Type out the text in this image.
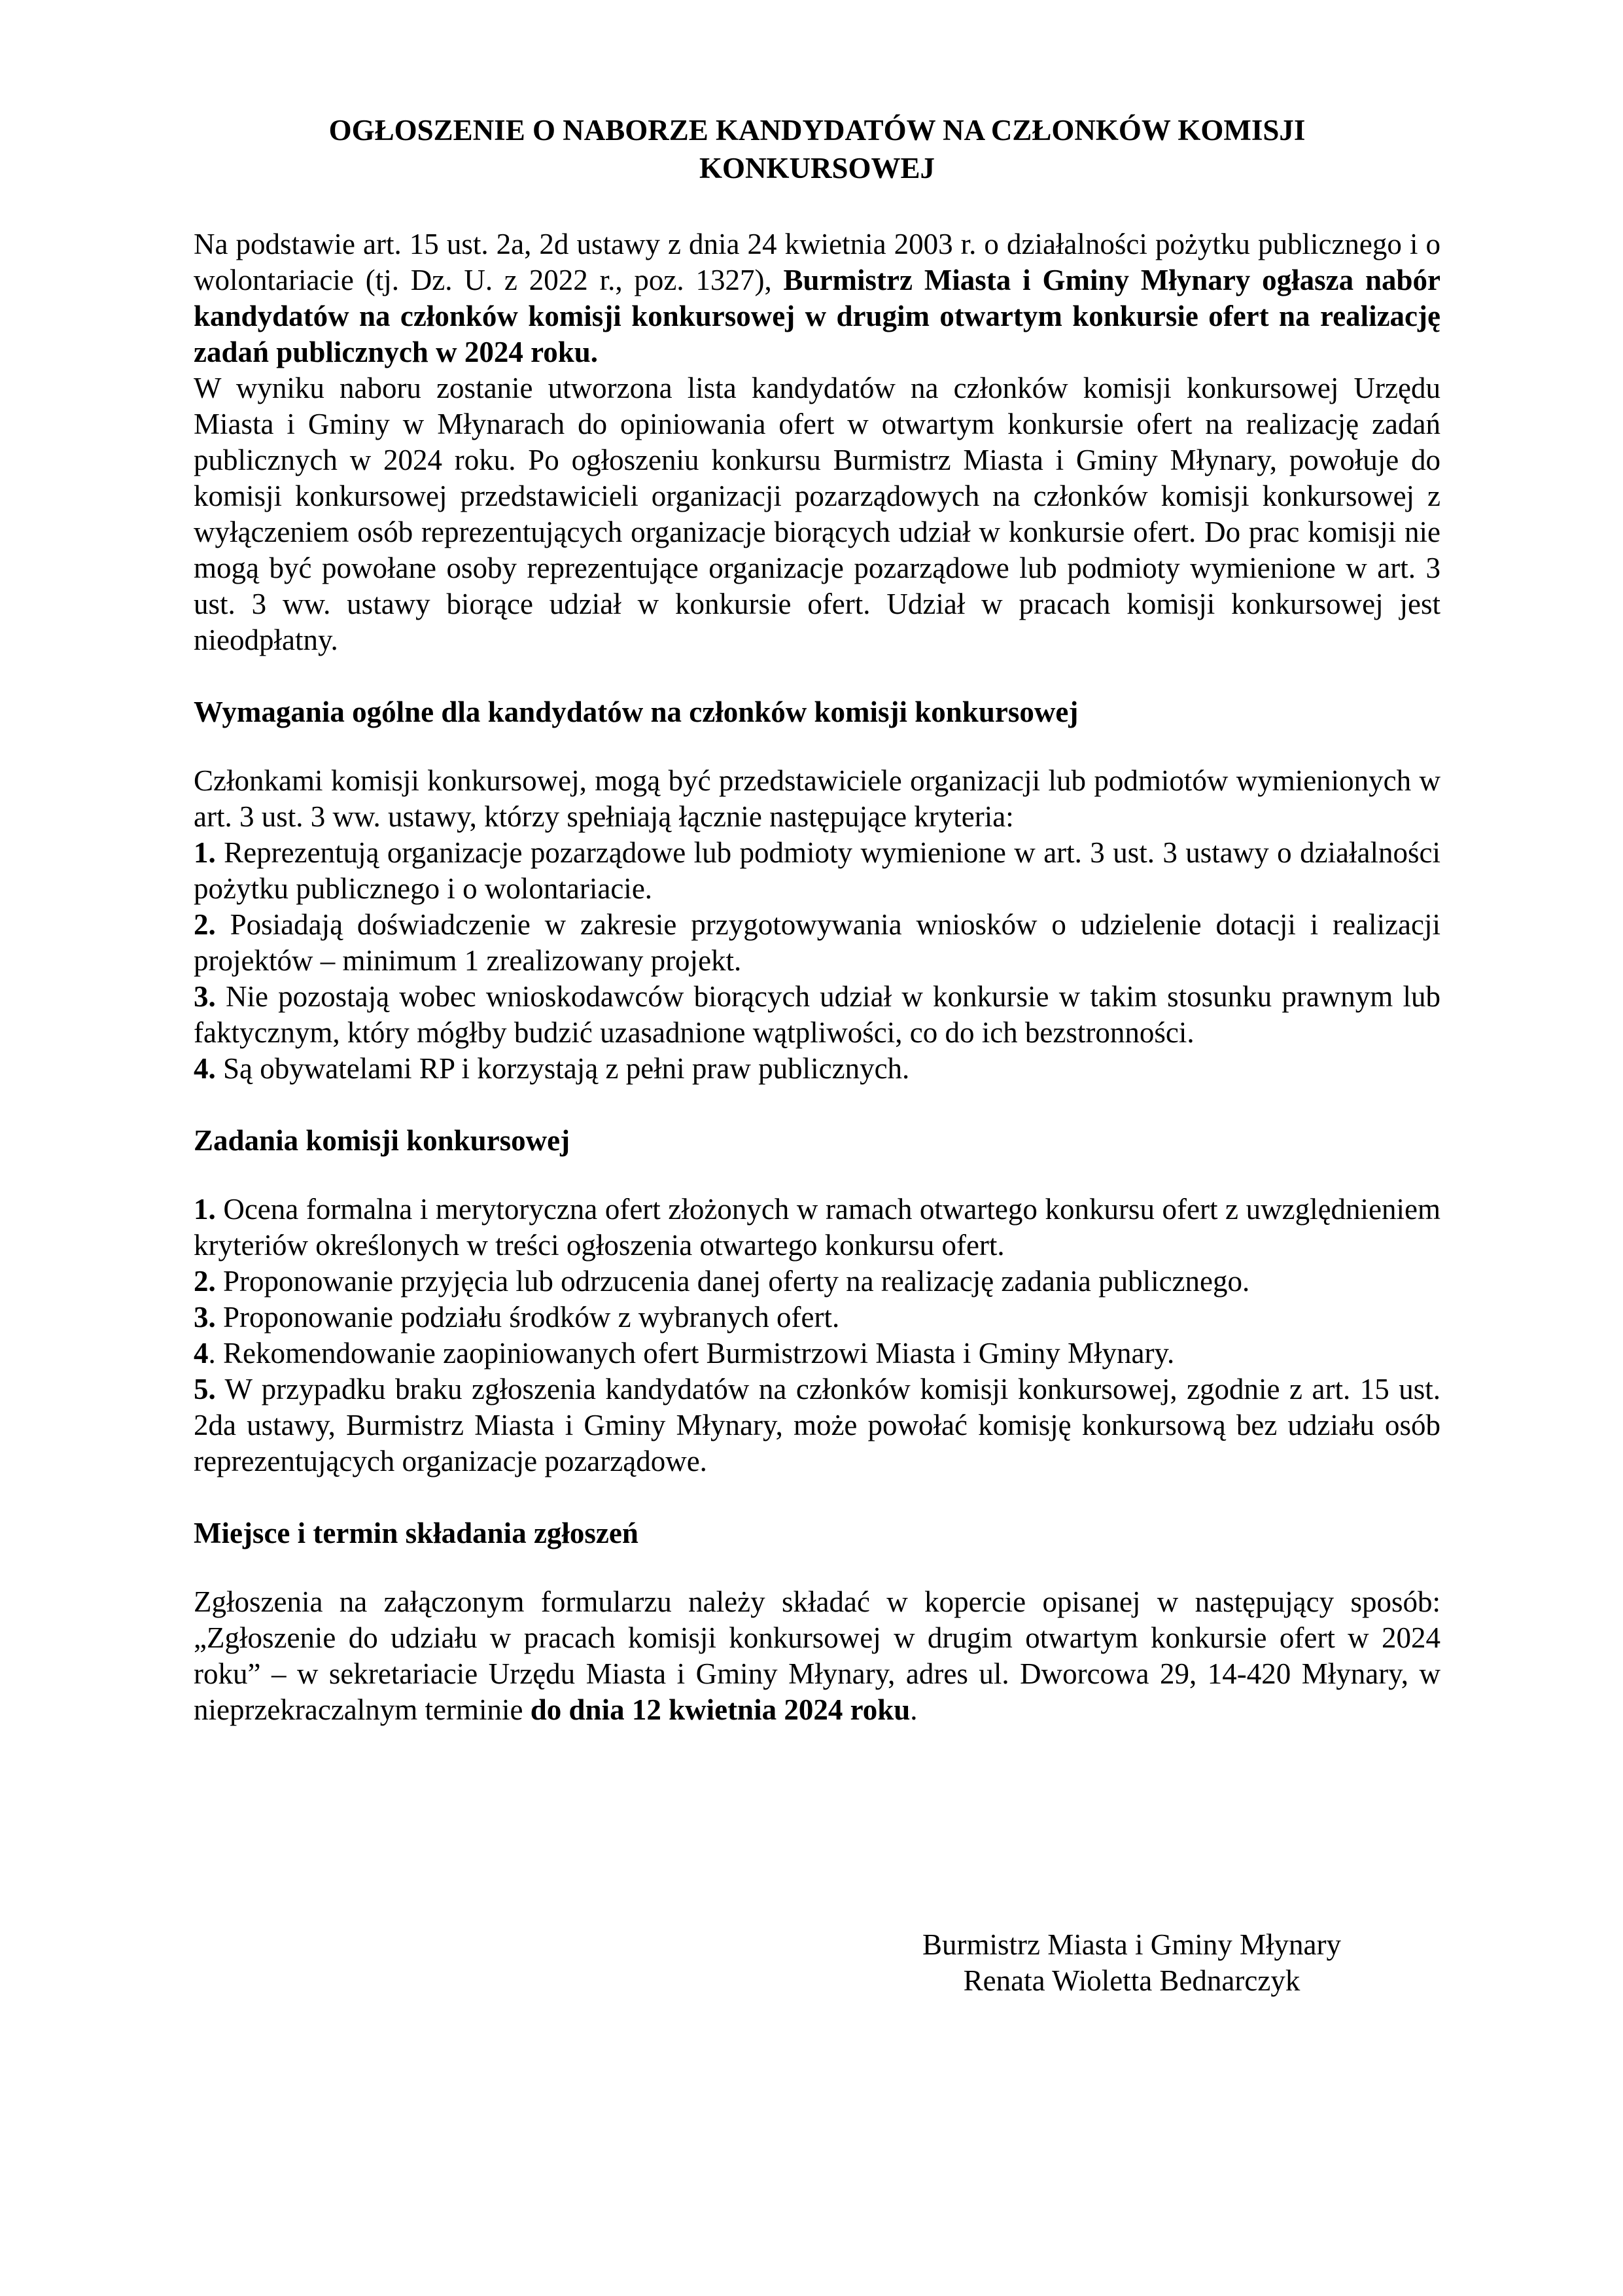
OGŁOSZENIE O NABORZE KANDYDATÓW NA CZŁONKÓW KOMISJI
KONKURSOWEJ

Na podstawie art. 15 ust. 2a, 2d ustawy z dnia 24 kwietnia 2003 r. o działalności pożytku publicznego i o wolontariacie (tj. Dz. U. z 2022 r., poz. 1327), Burmistrz Miasta i Gminy Młynary ogłasza nabór kandydatów na członków komisji konkursowej w drugim otwartym konkursie ofert na realizację zadań publicznych w 2024 roku.

W wyniku naboru zostanie utworzona lista kandydatów na członków komisji konkursowej Urzędu Miasta i Gminy w Młynarach do opiniowania ofert w otwartym konkursie ofert na realizację zadań publicznych w 2024 roku. Po ogłoszeniu konkursu Burmistrz Miasta i Gminy Młynary, powołuje do komisji konkursowej przedstawicieli organizacji pozarządowych na członków komisji konkursowej z wyłączeniem osób reprezentujących organizacje biorących udział w konkursie ofert. Do prac komisji nie mogą być powołane osoby reprezentujące organizacje pozarządowe lub podmioty wymienione w art. 3 ust. 3 ww. ustawy biorące udział w konkursie ofert. Udział w pracach komisji konkursowej jest nieodpłatny.

Wymagania ogólne dla kandydatów na członków komisji konkursowej

Członkami komisji konkursowej, mogą być przedstawiciele organizacji lub podmiotów wymienionych w art. 3 ust. 3 ww. ustawy, którzy spełniają łącznie następujące kryteria:

1. Reprezentują organizacje pozarządowe lub podmioty wymienione w art. 3 ust. 3 ustawy o działalności pożytku publicznego i o wolontariacie.

2. Posiadają doświadczenie w zakresie przygotowywania wniosków o udzielenie dotacji i realizacji projektów – minimum 1 zrealizowany projekt.

3. Nie pozostają wobec wnioskodawców biorących udział w konkursie w takim stosunku prawnym lub faktycznym, który mógłby budzić uzasadnione wątpliwości, co do ich bezstronności.

4. Są obywatelami RP i korzystają z pełni praw publicznych.

Zadania komisji konkursowej

1. Ocena formalna i merytoryczna ofert złożonych w ramach otwartego konkursu ofert z uwzględnieniem kryteriów określonych w treści ogłoszenia otwartego konkursu ofert.

2. Proponowanie przyjęcia lub odrzucenia danej oferty na realizację zadania publicznego.

3. Proponowanie podziału środków z wybranych ofert.

4. Rekomendowanie zaopiniowanych ofert Burmistrzowi Miasta i Gminy Młynary.

5. W przypadku braku zgłoszenia kandydatów na członków komisji konkursowej, zgodnie z art. 15 ust. 2da ustawy, Burmistrz Miasta i Gminy Młynary, może powołać komisję konkursową bez udziału osób reprezentujących organizacje pozarządowe.

Miejsce i termin składania zgłoszeń

Zgłoszenia na załączonym formularzu należy składać w kopercie opisanej w następujący sposób: „Zgłoszenie do udziału w pracach komisji konkursowej w drugim otwartym konkursie ofert w 2024 roku” – w sekretariacie Urzędu Miasta i Gminy Młynary, adres ul. Dworcowa 29, 14-420 Młynary, w nieprzekraczalnym terminie do dnia 12 kwietnia 2024 roku.

Burmistrz Miasta i Gminy Młynary
Renata Wioletta Bednarczyk
